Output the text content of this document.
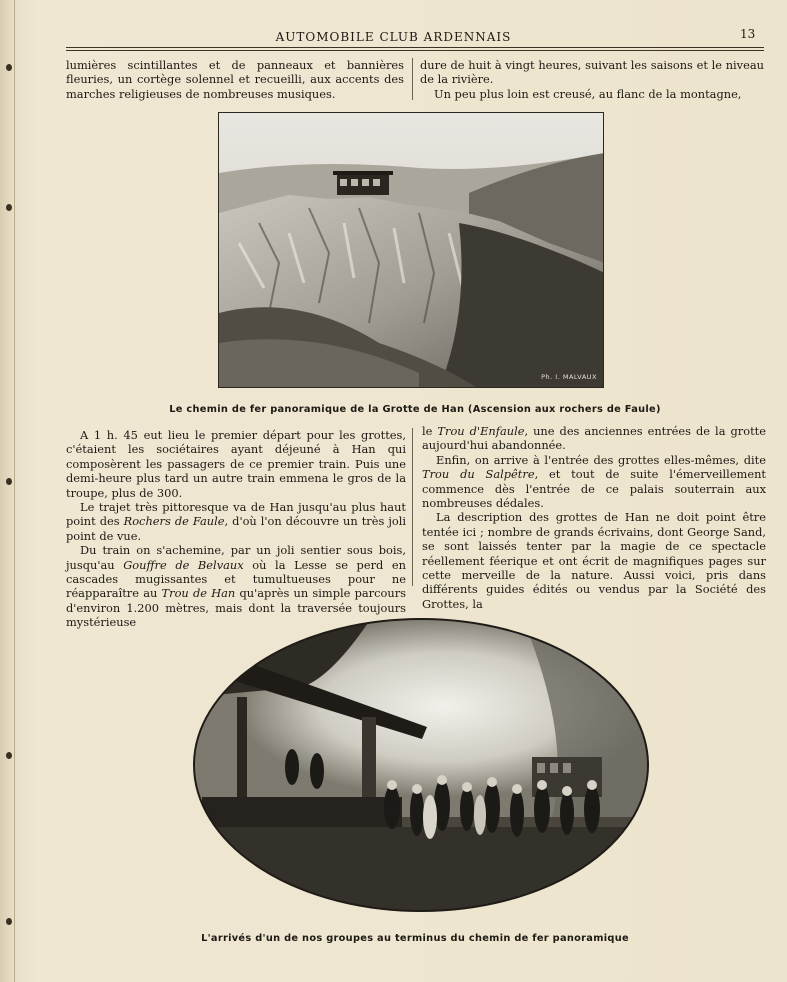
AUTOMOBILE CLUB ARDENNAIS	13

lumières scintillantes et de panneaux et bannières fleuries, un cortège solennel et recueilli, aux accents des marches religieuses de nombreuses musiques.

dure de huit à vingt heures, suivant les saisons et le niveau de la rivière.

Un peu plus loin est creusé, au flanc de la montagne,

Ph. I. MALVAUX
Le chemin de fer panoramique de la Grotte de Han (Ascension aux rochers de Faule)

A 1 h. 45 eut lieu le premier départ pour les grottes, c'étaient les sociétaires ayant déjeuné à Han qui composèrent les passagers de ce premier train. Puis une demi-heure plus tard un autre train emmena le gros de la troupe, plus de 300.

Le trajet très pittoresque va de Han jusqu'au plus haut point des Rochers de Faule, d'où l'on découvre un très joli point de vue.

Du train on s'achemine, par un joli sentier sous bois, jusqu'au Gouffre de Belvaux où la Lesse se perd en cascades mugissantes et tumultueuses pour ne réapparaître au Trou de Han qu'après un simple parcours d'environ 1.200 mètres, mais dont la traversée toujours mystérieuse

le Trou d'Enfaule, une des anciennes entrées de la grotte aujourd'hui abandonnée.

Enfin, on arrive à l'entrée des grottes elles-mêmes, dite Trou du Salpêtre, et tout de suite l'émerveillement commence dès l'entrée de ce palais souterrain aux nombreuses dédales.

La description des grottes de Han ne doit point être tentée ici ; nombre de grands écrivains, dont George Sand, se sont laissés tenter par la magie de ce spectacle réellement féerique et ont écrit de magnifiques pages sur cette merveille de la nature. Aussi voici, pris dans différents guides édités ou vendus par la Société des Grottes, la

L'arrivés d'un de nos groupes au terminus du chemin de fer panoramique
